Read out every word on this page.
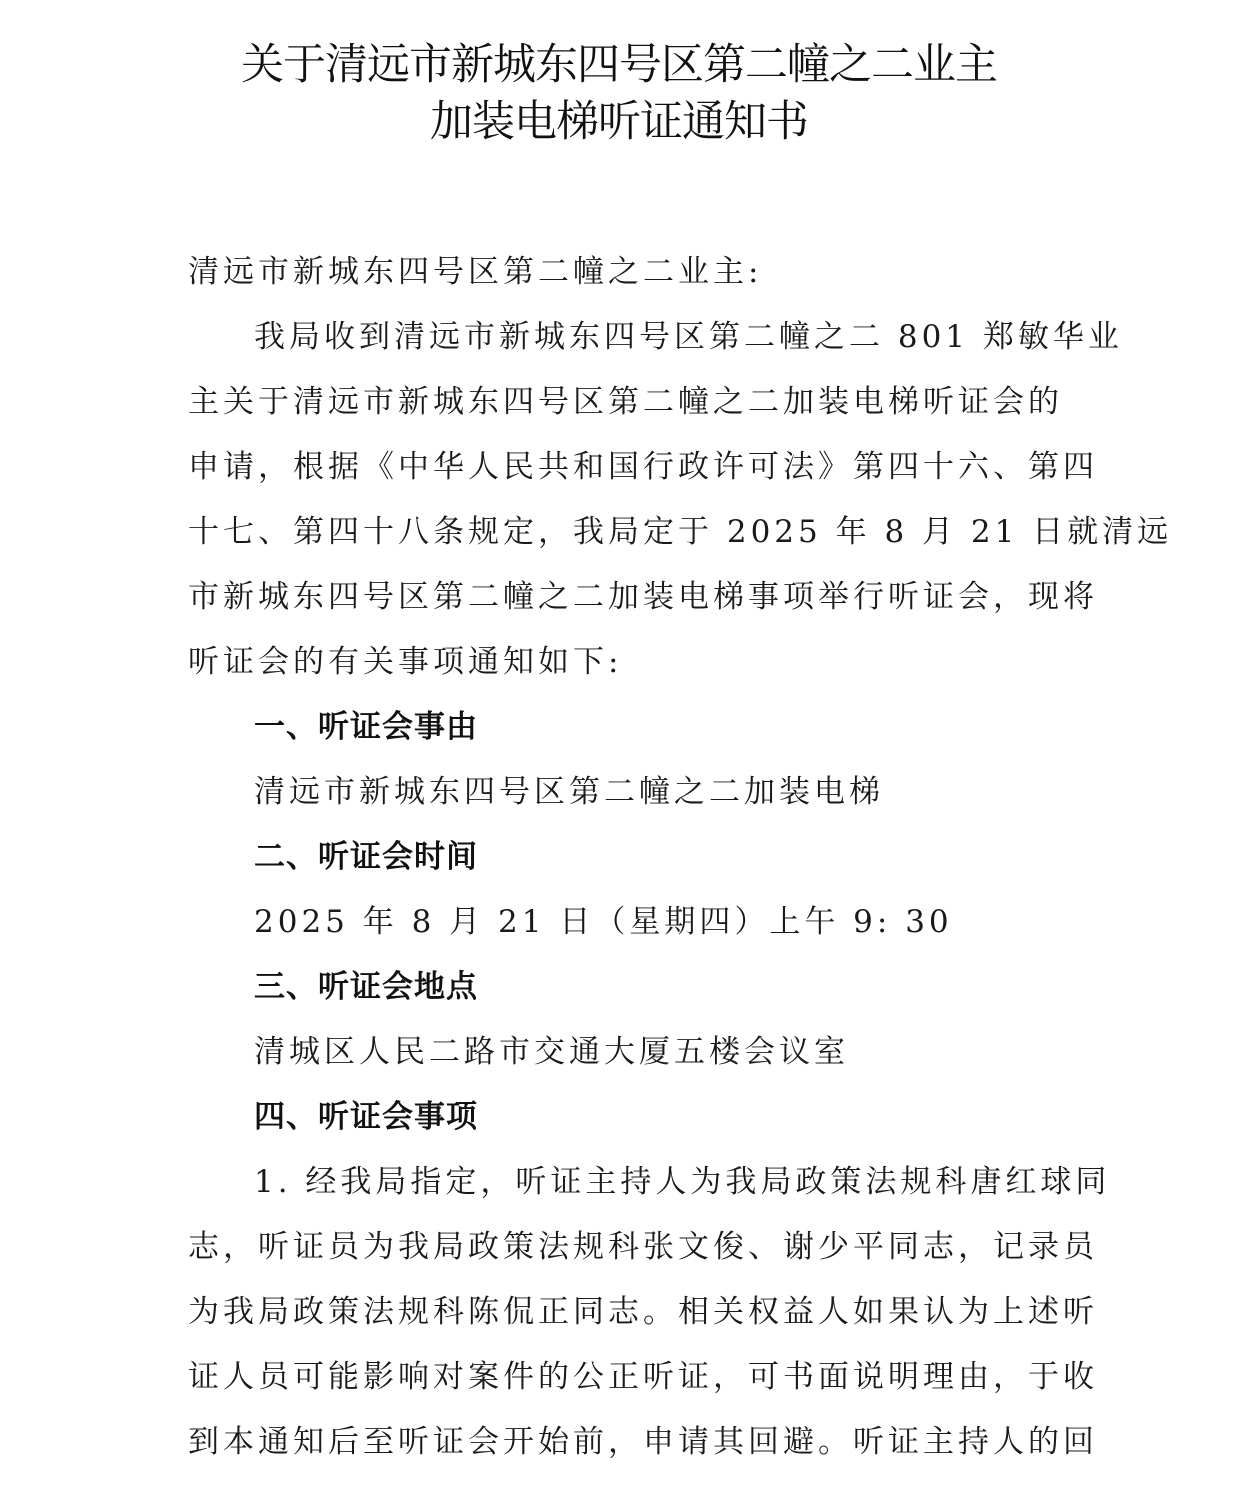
关于清远市新城东四号区第二幢之二业主
加装电梯听证通知书
清远市新城东四号区第二幢之二业主:
我局收到清远市新城东四号区第二幢之二 801 郑敏华业
主关于清远市新城东四号区第二幢之二加装电梯听证会的
申请，根据《中华人民共和国行政许可法》第四十六、第四
十七、第四十八条规定，我局定于 2025 年 8 月 21 日就清远
市新城东四号区第二幢之二加装电梯事项举行听证会，现将
听证会的有关事项通知如下:
一、听证会事由
清远市新城东四号区第二幢之二加装电梯
二、听证会时间
2025 年 8 月 21 日（星期四）上午 9: 30
三、听证会地点
清城区人民二路市交通大厦五楼会议室
四、听证会事项
1. 经我局指定，听证主持人为我局政策法规科唐红球同
志，听证员为我局政策法规科张文俊、谢少平同志，记录员
为我局政策法规科陈侃正同志。相关权益人如果认为上述听
证人员可能影响对案件的公正听证，可书面说明理由，于收
到本通知后至听证会开始前，申请其回避。听证主持人的回
